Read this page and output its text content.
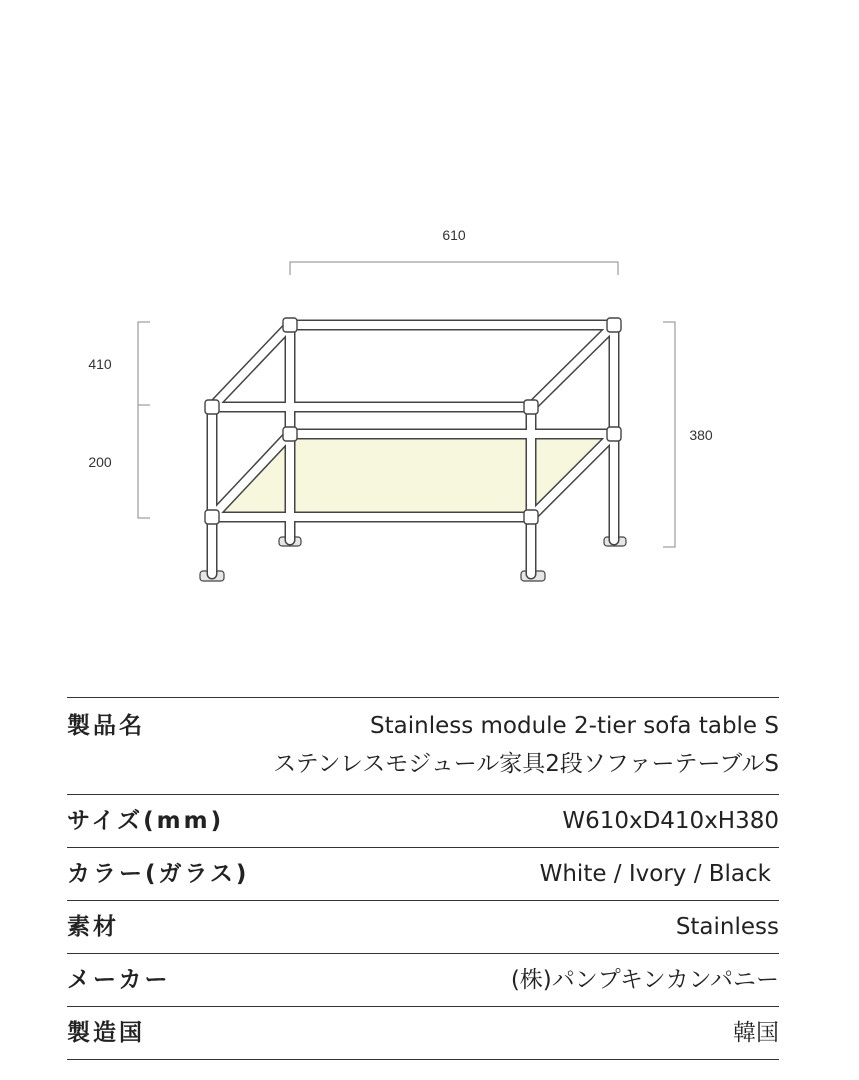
610
410
200
380
製品名	Stainless module 2-tier sofa table S
ステンレスモジュール家具2段ソファーテーブルS
サイズ(mm)	W610xD410xH380
カラー(ガラス)	White / Ivory / Black
素材	Stainless
メーカー	(株)パンプキンカンパニー
製造国	韓国
